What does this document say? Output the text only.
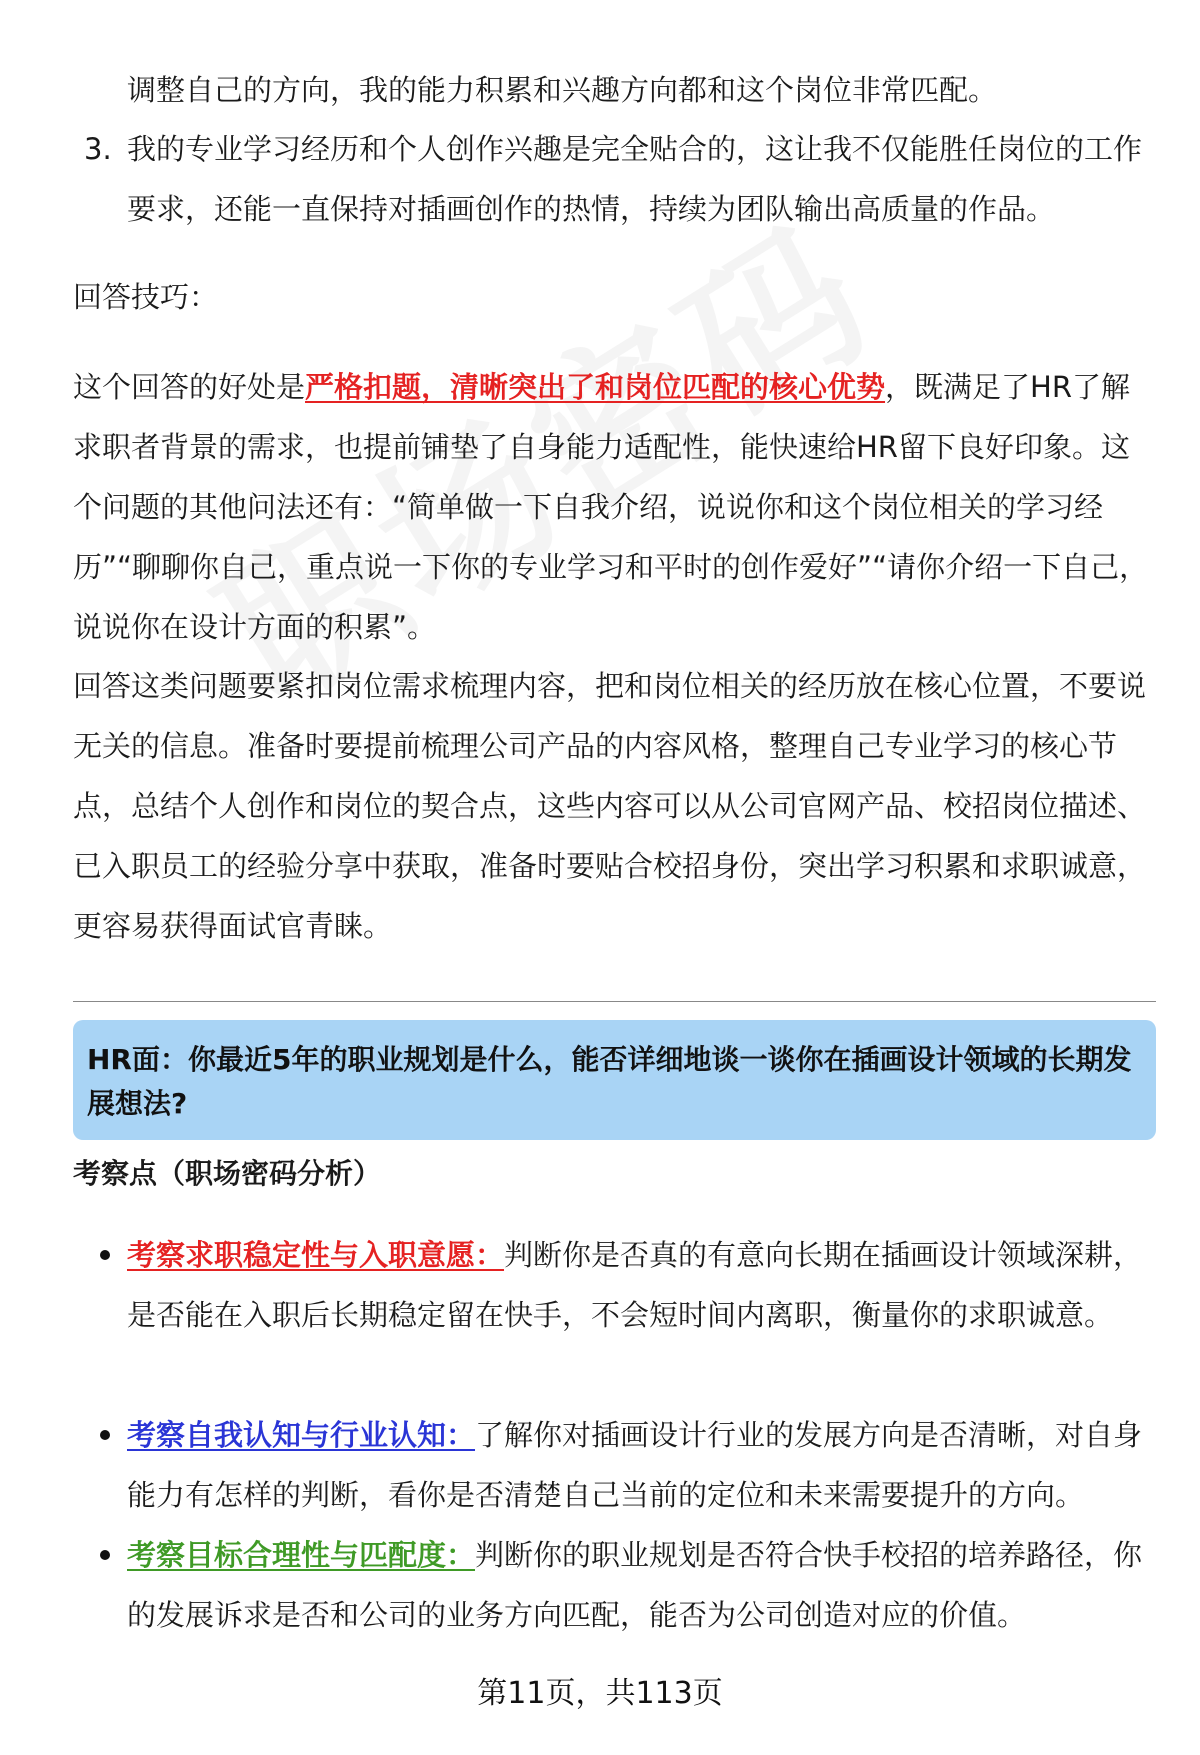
调整自己的方向，我的能力积累和兴趣方向都和这个岗位非常匹配。

3. 我的专业学习经历和个人创作兴趣是完全贴合的，这让我不仅能胜任岗位的工作要求，还能一直保持对插画创作的热情，持续为团队输出高质量的作品。

回答技巧：

这个回答的好处是严格扣题，清晰突出了和岗位匹配的核心优势，既满足了HR了解求职者背景的需求，也提前铺垫了自身能力适配性，能快速给HR留下良好印象。这个问题的其他问法还有：“简单做一下自我介绍，说说你和这个岗位相关的学习经历”“聊聊你自己，重点说一下你的专业学习和平时的创作爱好”“请你介绍一下自己，说说你在设计方面的积累”。

回答这类问题要紧扣岗位需求梳理内容，把和岗位相关的经历放在核心位置，不要说无关的信息。准备时要提前梳理公司产品的内容风格，整理自己专业学习的核心节点，总结个人创作和岗位的契合点，这些内容可以从公司官网产品、校招岗位描述、已入职员工的经验分享中获取，准备时要贴合校招身份，突出学习积累和求职诚意，更容易获得面试官青睐。

HR面：你最近5年的职业规划是什么，能否详细地谈一谈你在插画设计领域的长期发展想法?
考察点（职场密码分析）

考察求职稳定性与入职意愿：判断你是否真的有意向长期在插画设计领域深耕，是否能在入职后长期稳定留在快手，不会短时间内离职，衡量你的求职诚意。

考察自我认知与行业认知：了解你对插画设计行业的发展方向是否清晰，对自身能力有怎样的判断，看你是否清楚自己当前的定位和未来需要提升的方向。

考察目标合理性与匹配度：判断你的职业规划是否符合快手校招的培养路径，你的发展诉求是否和公司的业务方向匹配，能否为公司创造对应的价值。

第11页，共113页
